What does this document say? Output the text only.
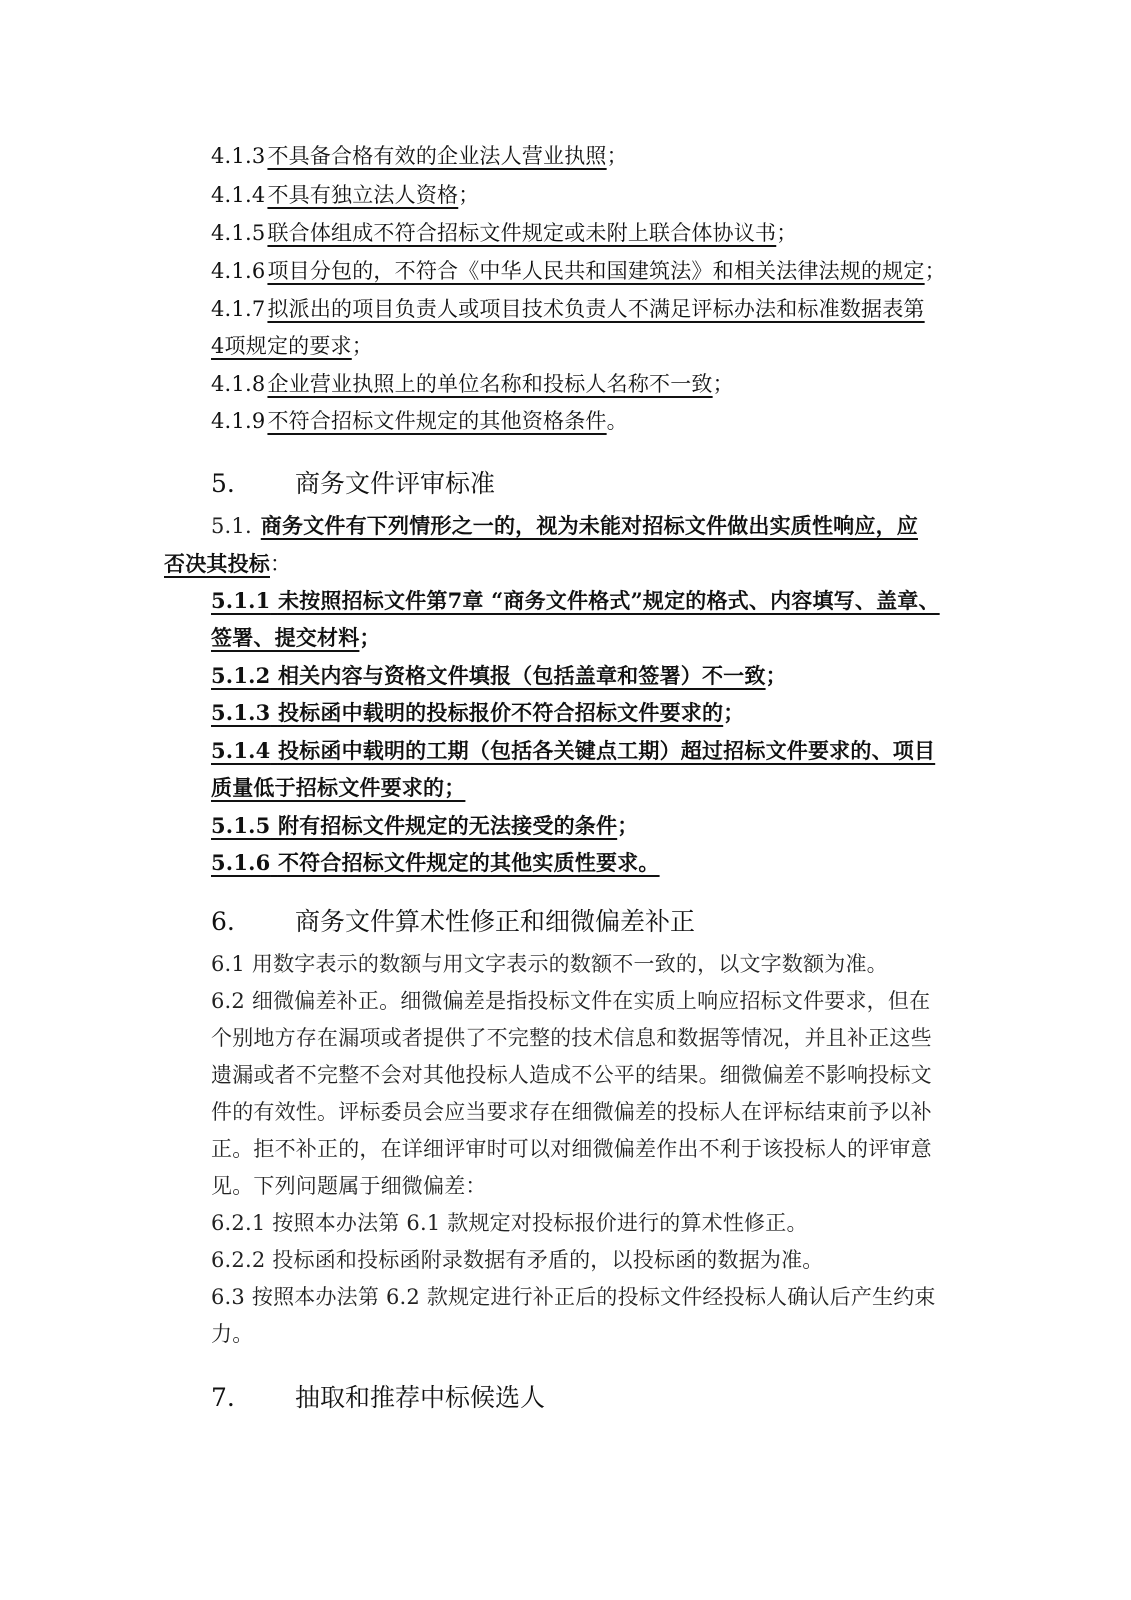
4.1.3不具备合格有效的企业法人营业执照；
4.1.4不具有独立法人资格；
4.1.5联合体组成不符合招标文件规定或未附上联合体协议书；
4.1.6项目分包的，不符合《中华人民共和国建筑法》和相关法律法规的规定；
4.1.7拟派出的项目负责人或项目技术负责人不满足评标办法和标准数据表第
4项规定的要求；
4.1.8企业营业执照上的单位名称和投标人名称不一致；
4.1.9不符合招标文件规定的其他资格条件。
5. 商务文件评审标准
5.1. 商务文件有下列情形之一的，视为未能对招标文件做出实质性响应，应
否决其投标：
5.1.1 未按照招标文件第7章 “商务文件格式”规定的格式、内容填写、盖章、
签署、提交材料；
5.1.2 相关内容与资格文件填报（包括盖章和签署）不一致；
5.1.3 投标函中载明的投标报价不符合招标文件要求的；
5.1.4 投标函中载明的工期（包括各关键点工期）超过招标文件要求的、项目
质量低于招标文件要求的；
5.1.5 附有招标文件规定的无法接受的条件；
5.1.6 不符合招标文件规定的其他实质性要求。
6. 商务文件算术性修正和细微偏差补正
6.1 用数字表示的数额与用文字表示的数额不一致的，以文字数额为准。
6.2 细微偏差补正。细微偏差是指投标文件在实质上响应招标文件要求，但在
个别地方存在漏项或者提供了不完整的技术信息和数据等情况，并且补正这些
遗漏或者不完整不会对其他投标人造成不公平的结果。细微偏差不影响投标文
件的有效性。评标委员会应当要求存在细微偏差的投标人在评标结束前予以补
正。拒不补正的，在详细评审时可以对细微偏差作出不利于该投标人的评审意
见。下列问题属于细微偏差：
6.2.1 按照本办法第 6.1 款规定对投标报价进行的算术性修正。
6.2.2 投标函和投标函附录数据有矛盾的，以投标函的数据为准。
6.3 按照本办法第 6.2 款规定进行补正后的投标文件经投标人确认后产生约束
力。
7. 抽取和推荐中标候选人
